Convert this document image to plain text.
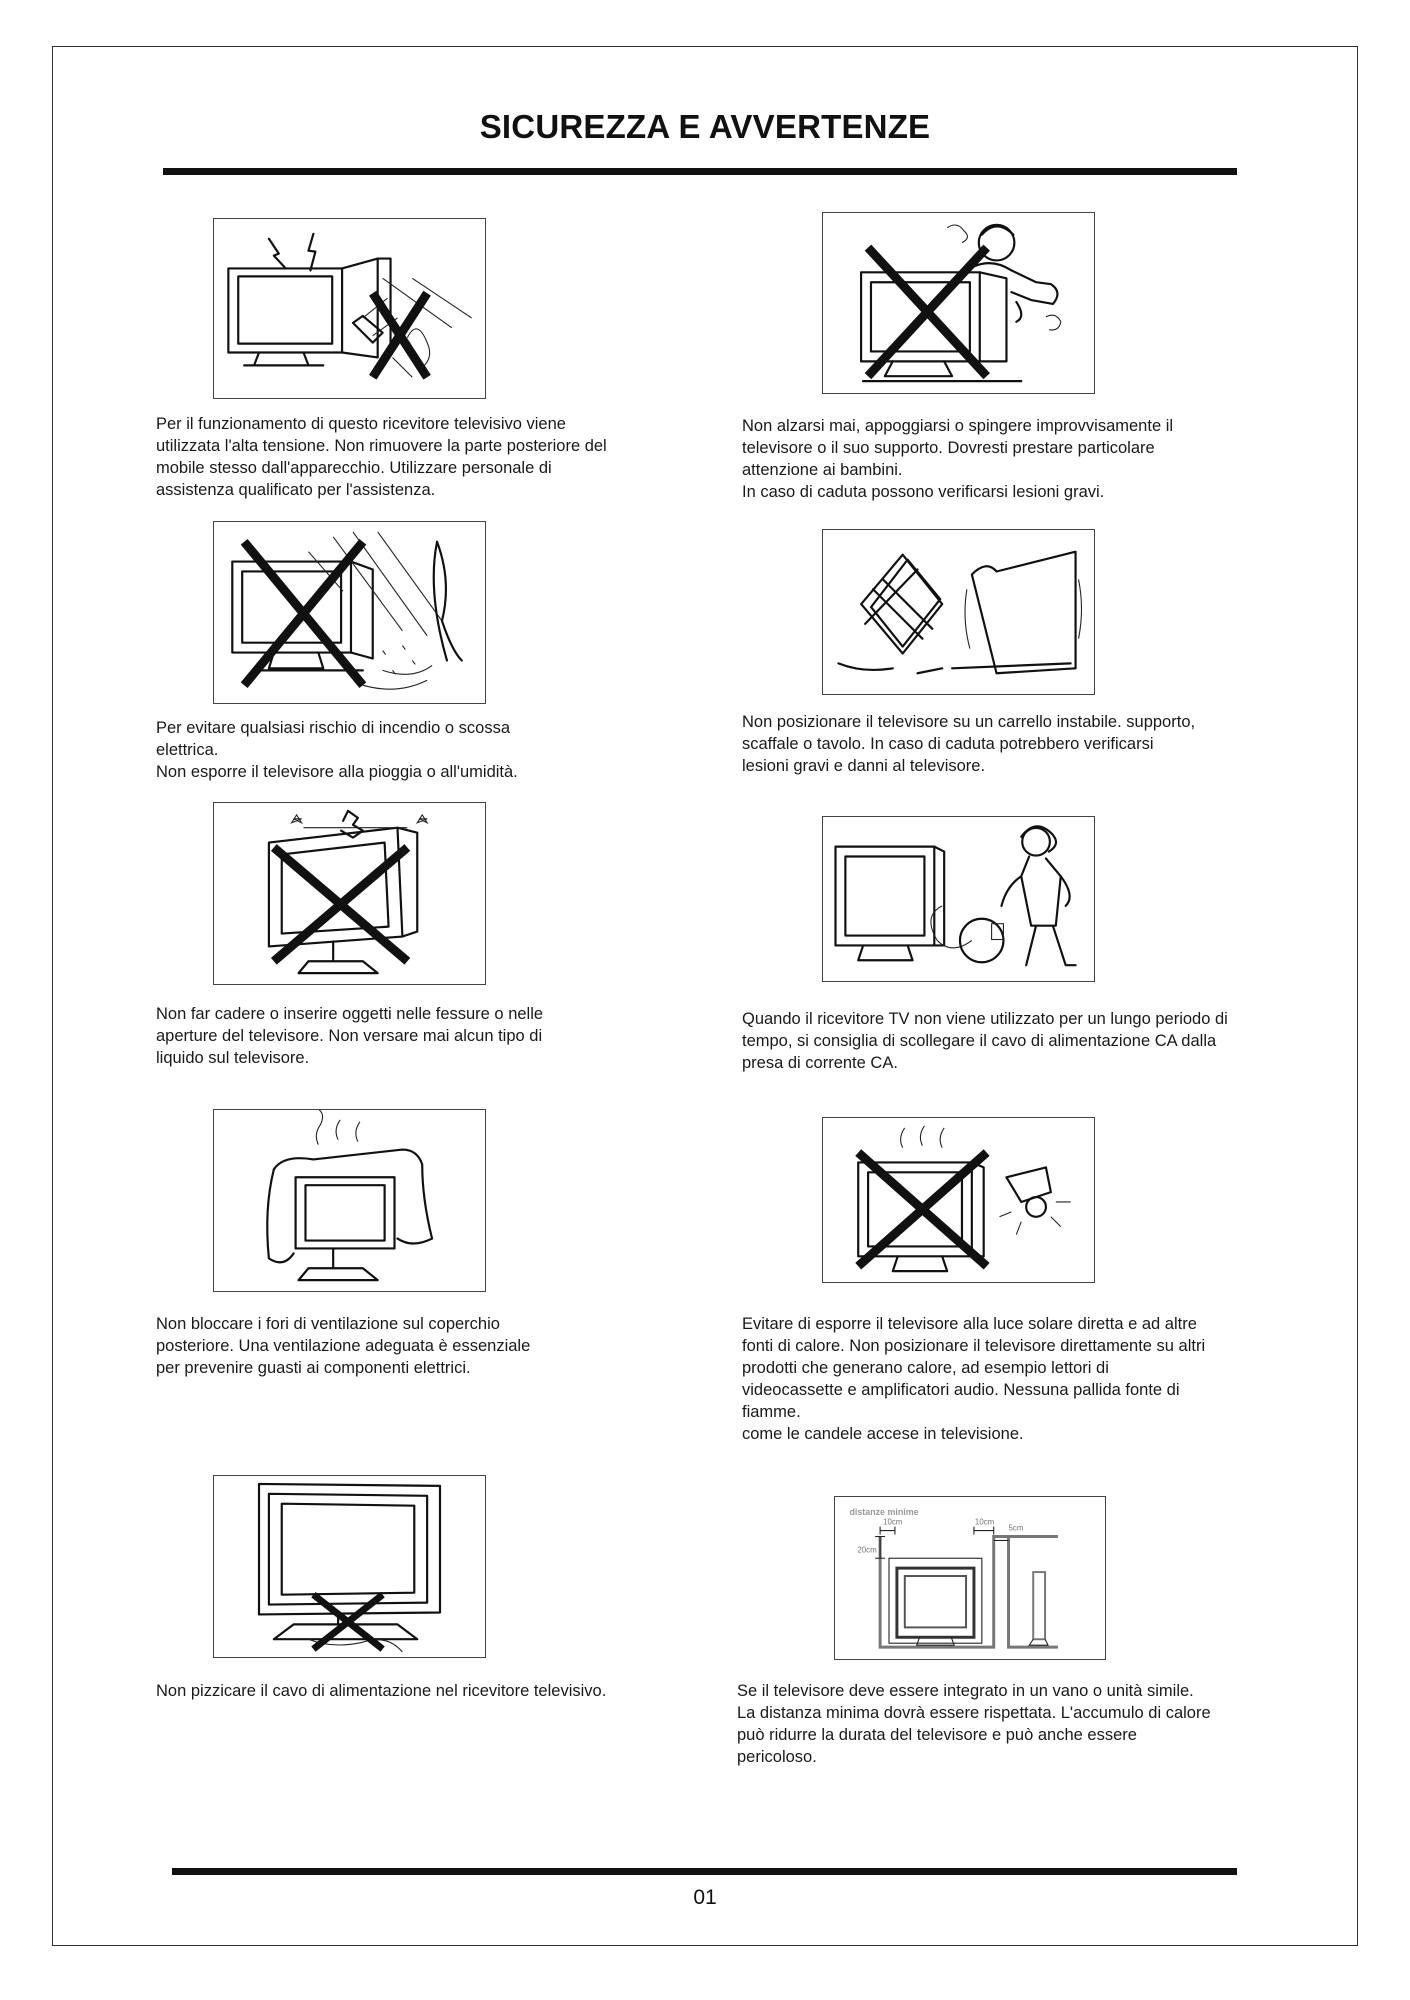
SICUREZZA E AVVERTENZE
Per il funzionamento di questo ricevitore televisivo viene
utilizzata l'alta tensione. Non rimuovere la parte posteriore del
mobile stesso dall'apparecchio. Utilizzare personale di
assistenza qualificato per l'assistenza.
Non alzarsi mai, appoggiarsi o spingere improvvisamente il
televisore o il suo supporto. Dovresti prestare particolare
attenzione ai bambini.
In caso di caduta possono verificarsi lesioni gravi.
Per evitare qualsiasi rischio di incendio o scossa
elettrica.
Non esporre il televisore alla pioggia o all'umidità.
Non posizionare il televisore su un carrello instabile. supporto,
scaffale o tavolo. In caso di caduta potrebbero verificarsi
lesioni gravi e danni al televisore.
Non far cadere o inserire oggetti nelle fessure o nelle
aperture del televisore. Non versare mai alcun tipo di
liquido sul televisore.
Quando il ricevitore TV non viene utilizzato per un lungo periodo di
tempo, si consiglia di scollegare il cavo di alimentazione CA dalla
presa di corrente CA.
Non bloccare i fori di ventilazione sul coperchio
posteriore. Una ventilazione adeguata è essenziale
per prevenire guasti ai componenti elettrici.
Evitare di esporre il televisore alla luce solare diretta e ad altre
fonti di calore. Non posizionare il televisore direttamente su altri
prodotti che generano calore, ad esempio lettori di
videocassette e amplificatori audio. Nessuna pallida fonte di
fiamme.
come le candele accese in televisione.
Non pizzicare il cavo di alimentazione nel ricevitore televisivo.
distanze minime
10cm	10cm
5cm
20cm
Se il televisore deve essere integrato in un vano o unità simile.
La distanza minima dovrà essere rispettata. L'accumulo di calore
può ridurre la durata del televisore e può anche essere
pericoloso.
01
